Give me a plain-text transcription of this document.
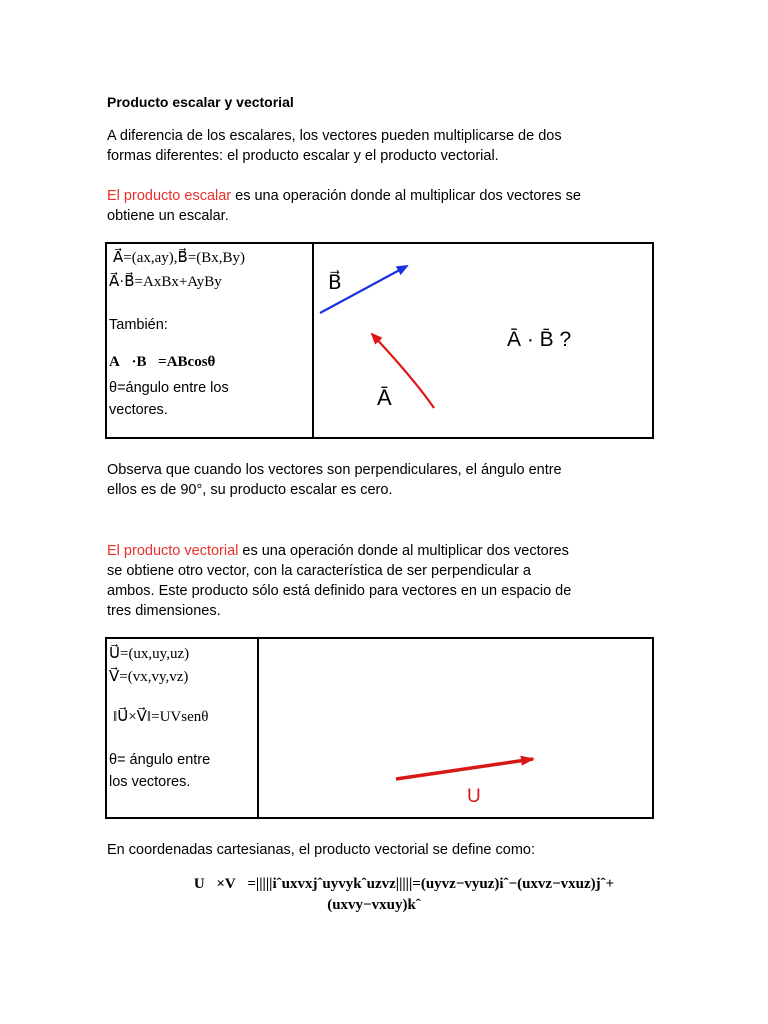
Producto escalar y vectorial
A diferencia de los escalares, los vectores pueden multiplicarse de dos
formas diferentes: el producto escalar y el producto vectorial.
El producto escalar es una operación donde al multiplicar dos vectores se
obtiene un escalar.
A⃗=(ax,ay),B⃗=(Bx,By)
A⃗·B⃗=AxBx+AyBy
También:
A⃗·B⃗=ABcosθ
θ=ángulo entre los
vectores.
B⃗
Ā
Ā · B̄ ?
Observa que cuando los vectores son perpendiculares, el ángulo entre
ellos es de 90°, su producto escalar es cero.
El producto vectorial es una operación donde al multiplicar dos vectores
se obtiene otro vector, con la característica de ser perpendicular a
ambos. Este producto sólo está definido para vectores en un espacio de
tres dimensiones.
U⃗=(ux,uy,uz)
V⃗=(vx,vy,vz)
‖U⃗×V⃗‖=UVsenθ
θ= ángulo entre
los vectores.
U
En coordenadas cartesianas, el producto vectorial se define como:
U⃗×V⃗=|||||iˆuxvxjˆuyvykˆuzvz|||||=(uyvz−vyuz)iˆ−(uxvz−vxuz)jˆ+
(uxvy−vxuy)kˆ
